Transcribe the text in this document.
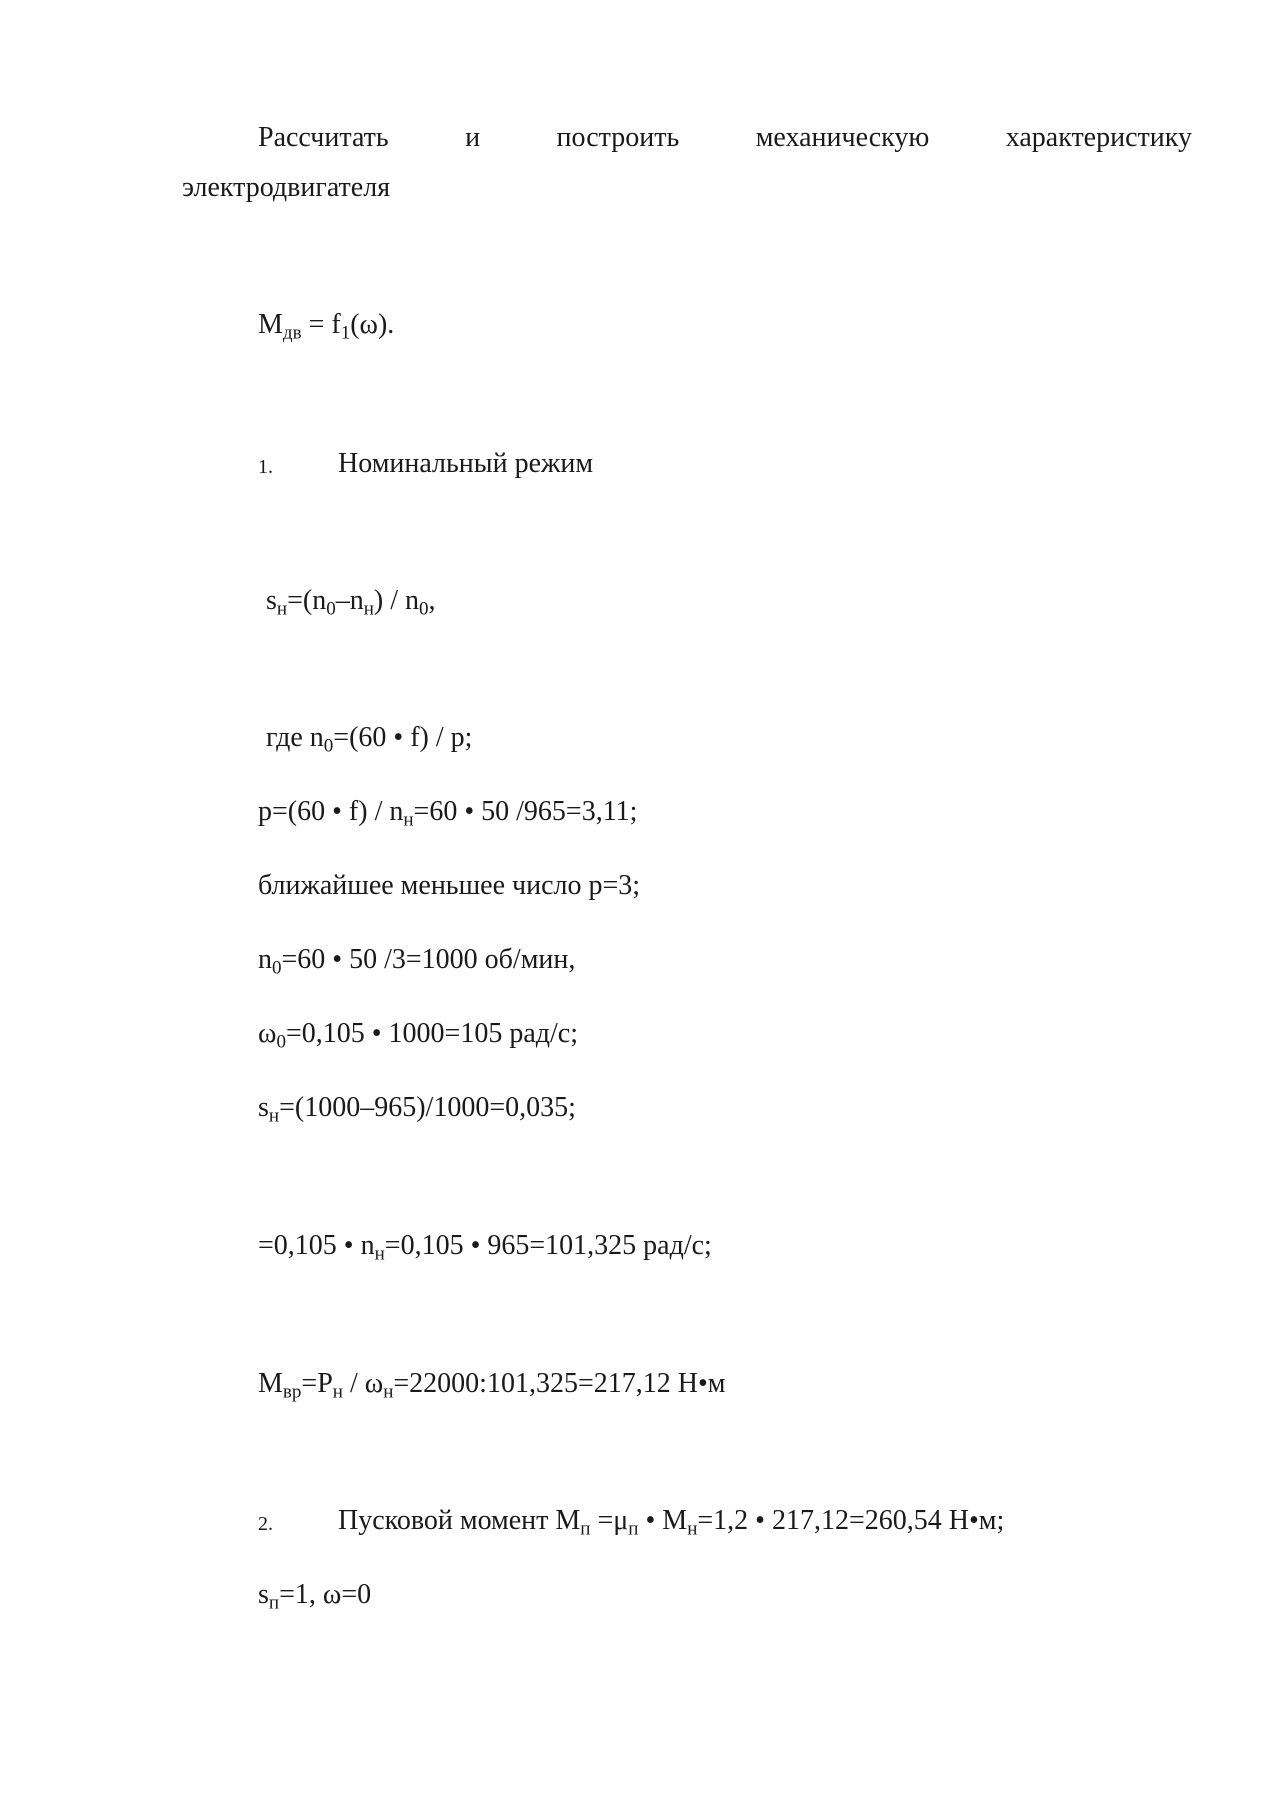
Рассчитать	и	построить	механическую	характеристику
электродвигателя
$M_{дв} = f_1(\omega)$.
1. Номинальный режим
$s_н=(n_0-n_н) / n_0$,
где $n_0=(60$ • f) / p;
p=(60 • $f) / n_н=60$ • 50 /965=3,11;
ближайшее меньшее число p=3;
$n_0=60$ • 50 /3=1000 об/мин,
$\omega_0=0,105$ • 1000=105 рад/с;
$s_н=(1000-965)/1000=0,035$;
=0,105 • $n_н=0,105$ • 965=101,325 рад/с;
$M_{вр}=P_н$ / $\omega_н=22000:101,325=217,12$ Н•м
2. Пусковой момент $M_п =\mu_п$ • $M_н=1,2$ • 217,12=260,54 Н•м;
$s_п=1$, ω=0
